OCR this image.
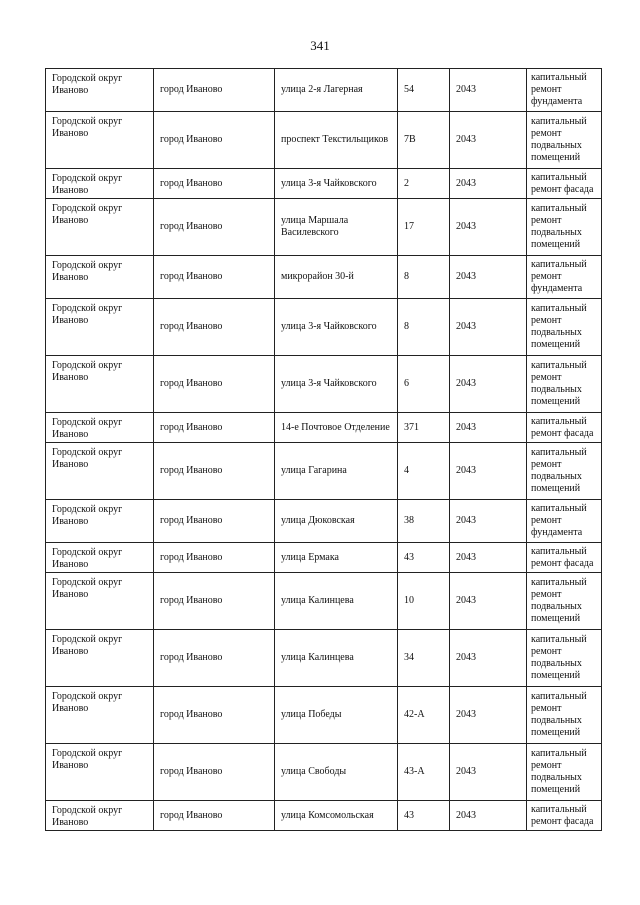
341
Городской округ Иваново	город Иваново	улица 2-я Лагерная	54	2043	капитальный ремонт фундамента
Городской округ Иваново	город Иваново	проспект Текстильщиков	7В	2043	капитальный ремонт подвальных помещений
Городской округ Иваново	город Иваново	улица 3-я Чайковского	2	2043	капитальный ремонт фасада
Городской округ Иваново	город Иваново	улица Маршала Василевского	17	2043	капитальный ремонт подвальных помещений
Городской округ Иваново	город Иваново	микрорайон 30-й	8	2043	капитальный ремонт фундамента
Городской округ Иваново	город Иваново	улица 3-я Чайковского	8	2043	капитальный ремонт подвальных помещений
Городской округ Иваново	город Иваново	улица 3-я Чайковского	6	2043	капитальный ремонт подвальных помещений
Городской округ Иваново	город Иваново	14-е Почтовое Отделение	371	2043	капитальный ремонт фасада
Городской округ Иваново	город Иваново	улица Гагарина	4	2043	капитальный ремонт подвальных помещений
Городской округ Иваново	город Иваново	улица Дюковская	38	2043	капитальный ремонт фундамента
Городской округ Иваново	город Иваново	улица Ермака	43	2043	капитальный ремонт фасада
Городской округ Иваново	город Иваново	улица Калинцева	10	2043	капитальный ремонт подвальных помещений
Городской округ Иваново	город Иваново	улица Калинцева	34	2043	капитальный ремонт подвальных помещений
Городской округ Иваново	город Иваново	улица Победы	42-А	2043	капитальный ремонт подвальных помещений
Городской округ Иваново	город Иваново	улица Свободы	43-А	2043	капитальный ремонт подвальных помещений
Городской округ Иваново	город Иваново	улица Комсомольская	43	2043	капитальный ремонт фасада
